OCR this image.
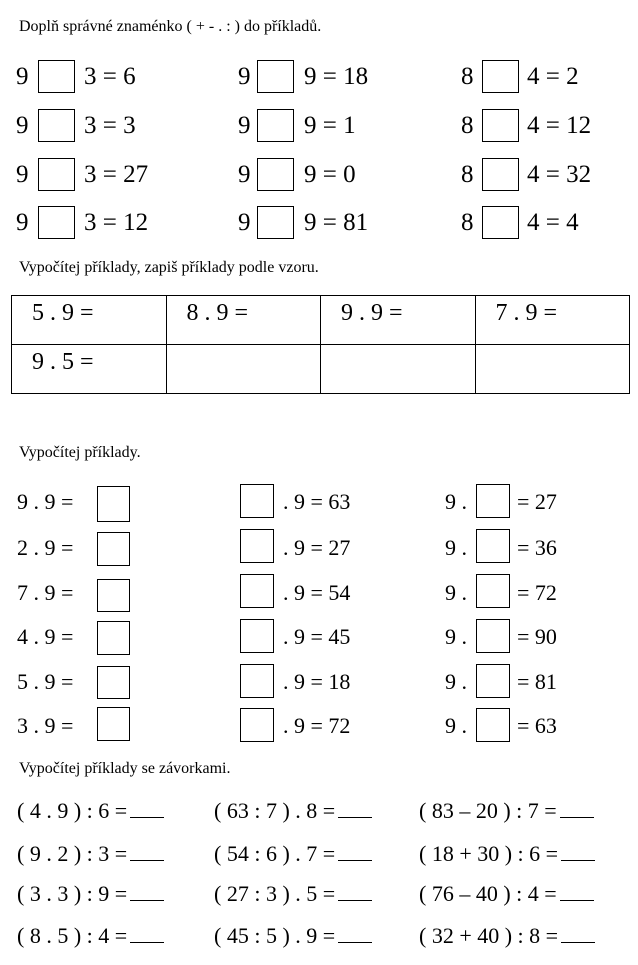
Doplň správné znaménko ( + - . : ) do příkladů.
9 3 = 6
9 3 = 3
9 3 = 27
9 3 = 12
9 9 = 18
9 9 = 1
9 9 = 0
9 9 = 81
8 4 = 2
8 4 = 12
8 4 = 32
8 4 = 4
Vypočítej příklady, zapiš příklady podle vzoru.
5 . 9 =	8 . 9 =	9 . 9 =	7 . 9 =
9 . 5 =			
Vypočítej příklady.
9 . 9 =
2 . 9 =
7 . 9 =
4 . 9 =
5 . 9 =
3 . 9 =
. 9 = 63
. 9 = 27
. 9 = 54
. 9 = 45
. 9 = 18
. 9 = 72
9 . = 27
9 . = 36
9 . = 72
9 . = 90
9 . = 81
9 . = 63
Vypočítej příklady se závorkami.
( 4 . 9 ) : 6 =	( 63 : 7 ) . 8 =	( 83 – 20 ) : 7 =
( 9 . 2 ) : 3 =	( 54 : 6 ) . 7 =	( 18 + 30 ) : 6 =
( 3 . 3 ) : 9 =	( 27 : 3 ) . 5 =	( 76 – 40 ) : 4 =
( 8 . 5 ) : 4 =	( 45 : 5 ) . 9 =	( 32 + 40 ) : 8 =
